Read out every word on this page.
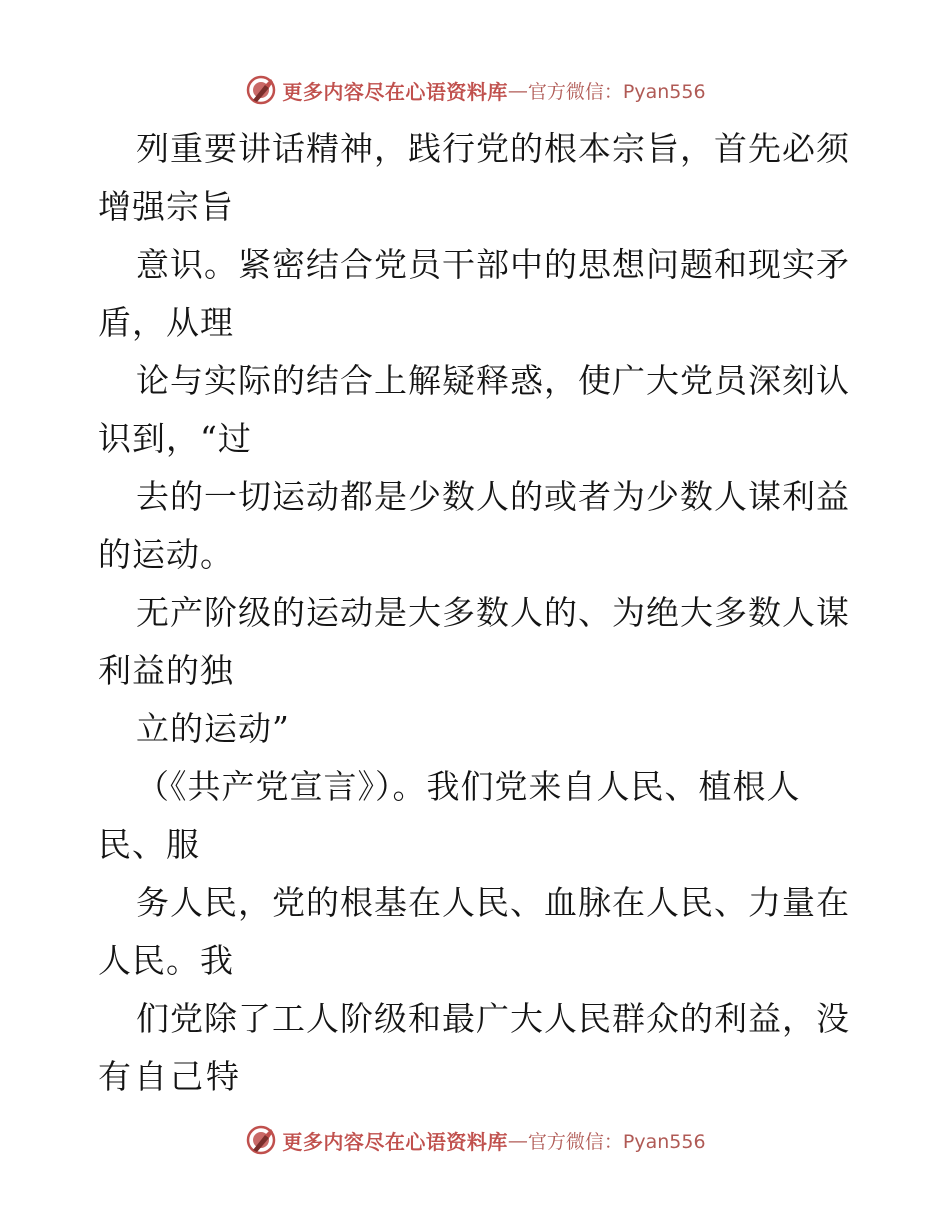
更多内容尽在心语资料库 — 官方微信：Pyan556
列重要讲话精神，践行党的根本宗旨，首先必须
增强宗旨
意识。紧密结合党员干部中的思想问题和现实矛
盾，从理
论与实际的结合上解疑释惑，使广大党员深刻认
识到，“过
去的一切运动都是少数人的或者为少数人谋利益
的运动。
无产阶级的运动是大多数人的、为绝大多数人谋
利益的独
立的运动”
（《共产党宣言》）。我们党来自人民、植根人
民、服
务人民，党的根基在人民、血脉在人民、力量在
人民。我
们党除了工人阶级和最广大人民群众的利益，没
有自己特
更多内容尽在心语资料库 — 官方微信：Pyan556
